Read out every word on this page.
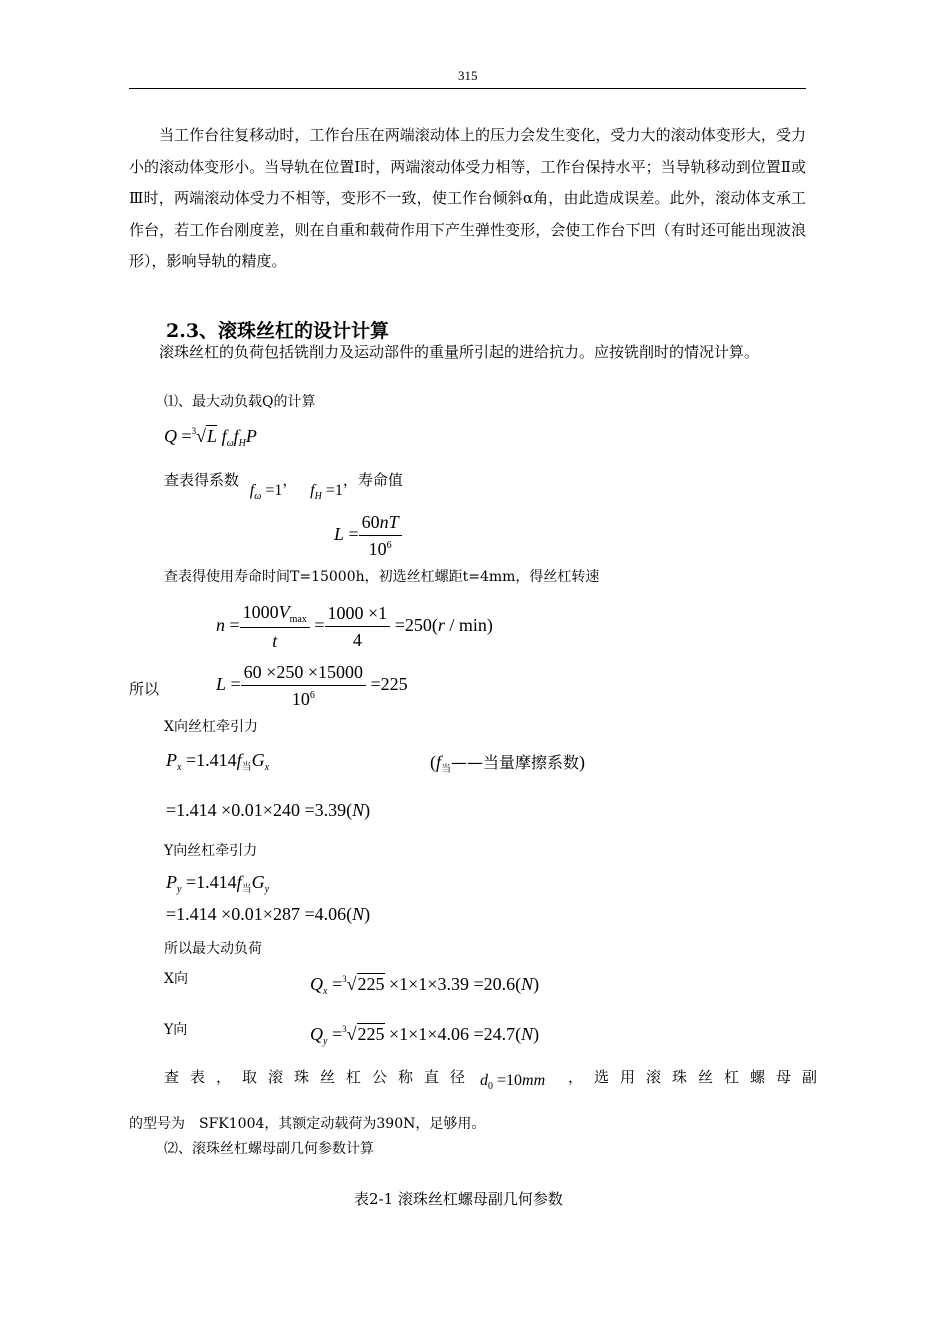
315
当工作台往复移动时，工作台压在两端滚动体上的压力会发生变化，受力大的滚动体变形大，受力小的滚动体变形小。当导轨在位置Ⅰ时，两端滚动体受力相等，工作台保持水平；当导轨移动到位置Ⅱ或Ⅲ时，两端滚动体受力不相等，变形不一致，使工作台倾斜α角，由此造成误差。此外，滚动体支承工作台，若工作台刚度差，则在自重和载荷作用下产生弹性变形，会使工作台下凹（有时还可能出现波浪形），影响导轨的精度。
2.3、滚珠丝杠的设计计算
滚珠丝杠的负荷包括铣削力及运动部件的重量所引起的进给抗力。应按铣削时的情况计算。
⑴、最大动负载Q的计算
Q =$^3$√L $f_\omega f_HP$
查表得系数 $f_\omega =1$， $f_H =1$，寿命值
$L = \frac{60nT}{10^6}$
查表得使用寿命时间T=15000h，初选丝杠螺距t=4mm，得丝杠转速
$n = \frac{1000V_{max}}{t} = \frac{1000 \times 1}{4} =250(r / \min)$
所以	$L = \frac{60 \times 250 \times 15000}{10^6} =225$
X向丝杠牵引力
$P_x =1.414f_当G_x$	($f_当——$当量摩擦系数)
=1.414 ×0.01×240 =3.39(N)
Y向丝杠牵引力
$P_y =1.414f_当G_y$
=1.414 ×0.01×287 =4.06(N)
所以最大动负荷
X向	$Q_x =^3√225 \times 1\times 1\times 3.39 =20.6(N)$
Y向	$Q_y =^3√225 \times 1\times 1\times 4.06 =24.7(N)$
查表，取滚珠丝杠公称直径 $d_0 =10mm$ ，选用滚珠丝杠螺母副
的型号为　SFK1004，其额定动载荷为390N，足够用。
⑵、滚珠丝杠螺母副几何参数计算
表2-1 滚珠丝杠螺母副几何参数
